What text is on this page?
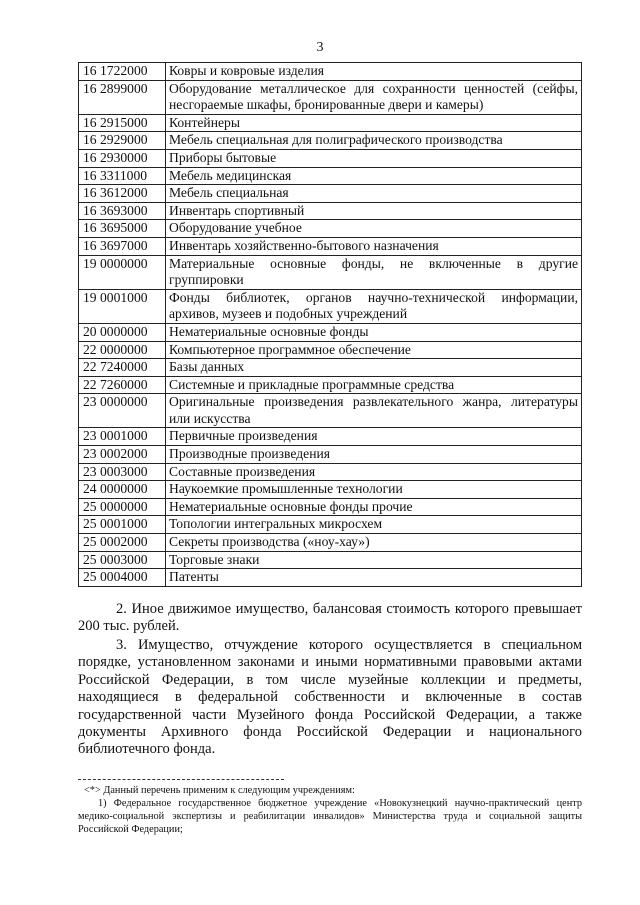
3
16 1722000	Ковры и ковровые изделия
16 2899000	Оборудование металлическое для сохранности ценностей (сейфы, несгораемые шкафы, бронированные двери и камеры)
16 2915000	Контейнеры
16 2929000	Мебель специальная для полиграфического производства
16 2930000	Приборы бытовые
16 3311000	Мебель медицинская
16 3612000	Мебель специальная
16 3693000	Инвентарь спортивный
16 3695000	Оборудование учебное
16 3697000	Инвентарь хозяйственно-бытового назначения
19 0000000	Материальные основные фонды, не включенные в другие группировки
19 0001000	Фонды библиотек, органов научно-технической информации, архивов, музеев и подобных учреждений
20 0000000	Нематериальные основные фонды
22 0000000	Компьютерное программное обеспечение
22 7240000	Базы данных
22 7260000	Системные и прикладные программные средства
23 0000000	Оригинальные произведения развлекательного жанра, литературы или искусства
23 0001000	Первичные произведения
23 0002000	Производные произведения
23 0003000	Составные произведения
24 0000000	Наукоемкие промышленные технологии
25 0000000	Нематериальные основные фонды прочие
25 0001000	Топологии интегральных микросхем
25 0002000	Секреты производства («ноу-хау»)
25 0003000	Торговые знаки
25 0004000	Патенты
2. Иное движимое имущество, балансовая стоимость которого превышает 200 тыс. рублей.
3. Имущество, отчуждение которого осуществляется в специальном порядке, установленном законами и иными нормативными правовыми актами Российской Федерации, в том числе музейные коллекции и предметы, находящиеся в федеральной собственности и включенные в состав государственной части Музейного фонда Российской Федерации, а также документы Архивного фонда Российской Федерации и национального библиотечного фонда.
<*> Данный перечень применим к следующим учреждениям:
1) Федеральное государственное бюджетное учреждение «Новокузнецкий научно-практический центр медико-социальной экспертизы и реабилитации инвалидов» Министерства труда и социальной защиты Российской Федерации;
